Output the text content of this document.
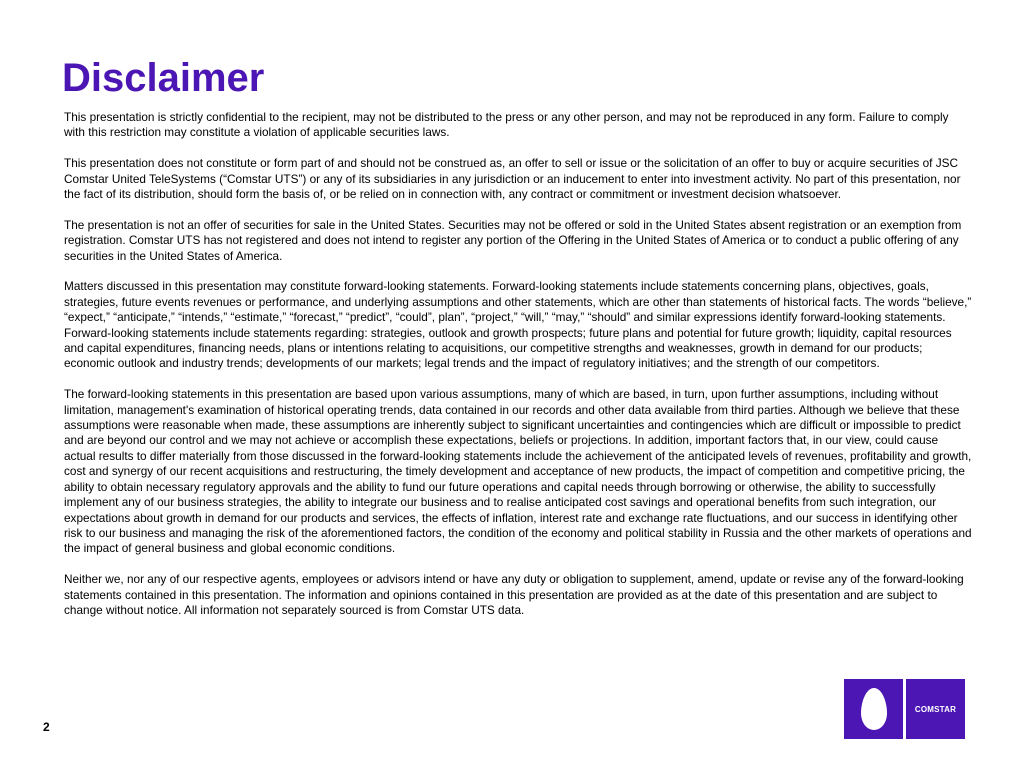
Disclaimer

This presentation is strictly confidential to the recipient, may not be distributed to the press or any other person, and may not be reproduced in any form. Failure to comply with this restriction may constitute a violation of applicable securities laws.

This presentation does not constitute or form part of and should not be construed as, an offer to sell or issue or the solicitation of an offer to buy or acquire securities of JSC Comstar United TeleSystems (“Comstar UTS”) or any of its subsidiaries in any jurisdiction or an inducement to enter into investment activity. No part of this presentation, nor the fact of its distribution, should form the basis of, or be relied on in connection with, any contract or commitment or investment decision whatsoever.

The presentation is not an offer of securities for sale in the United States. Securities may not be offered or sold in the United States absent registration or an exemption from registration. Comstar UTS has not registered and does not intend to register any portion of the Offering in the United States of America or to conduct a public offering of any securities in the United States of America.

Matters discussed in this presentation may constitute forward-looking statements. Forward-looking statements include statements concerning plans, objectives, goals, strategies, future events revenues or performance, and underlying assumptions and other statements, which are other than statements of historical facts. The words “believe,” “expect,” “anticipate,” “intends,” “estimate,” “forecast,” “predict”, “could”, plan”, “project,” “will,” “may,” “should” and similar expressions identify forward-looking statements. Forward-looking statements include statements regarding: strategies, outlook and growth prospects; future plans and potential for future growth; liquidity, capital resources and capital expenditures, financing needs, plans or intentions relating to acquisitions, our competitive strengths and weaknesses, growth in demand for our products; economic outlook and industry trends; developments of our markets; legal trends and the impact of regulatory initiatives; and the strength of our competitors.

The forward-looking statements in this presentation are based upon various assumptions, many of which are based, in turn, upon further assumptions, including without limitation, management's examination of historical operating trends, data contained in our records and other data available from third parties. Although we believe that these assumptions were reasonable when made, these assumptions are inherently subject to significant uncertainties and contingencies which are difficult or impossible to predict and are beyond our control and we may not achieve or accomplish these expectations, beliefs or projections. In addition, important factors that, in our view, could cause actual results to differ materially from those discussed in the forward-looking statements include the achievement of the anticipated levels of revenues, profitability and growth, cost and synergy of our recent acquisitions and restructuring, the timely development and acceptance of new products, the impact of competition and competitive pricing, the ability to obtain necessary regulatory approvals and the ability to fund our future operations and capital needs through borrowing or otherwise, the ability to successfully implement any of our business strategies, the ability to integrate our business and to realise anticipated cost savings and operational benefits from such integration, our expectations about growth in demand for our products and services, the effects of inflation, interest rate and exchange rate fluctuations, and our success in identifying other risk to our business and managing the risk of the aforementioned factors, the condition of the economy and political stability in Russia and the other markets of operations and the impact of general business and global economic conditions.

Neither we, nor any of our respective agents, employees or advisors intend or have any duty or obligation to supplement, amend, update or revise any of the forward-looking statements contained in this presentation. The information and opinions contained in this presentation are provided as at the date of this presentation and are subject to change without notice. All information not separately sourced is from Comstar UTS data.

2
COMSTAR
